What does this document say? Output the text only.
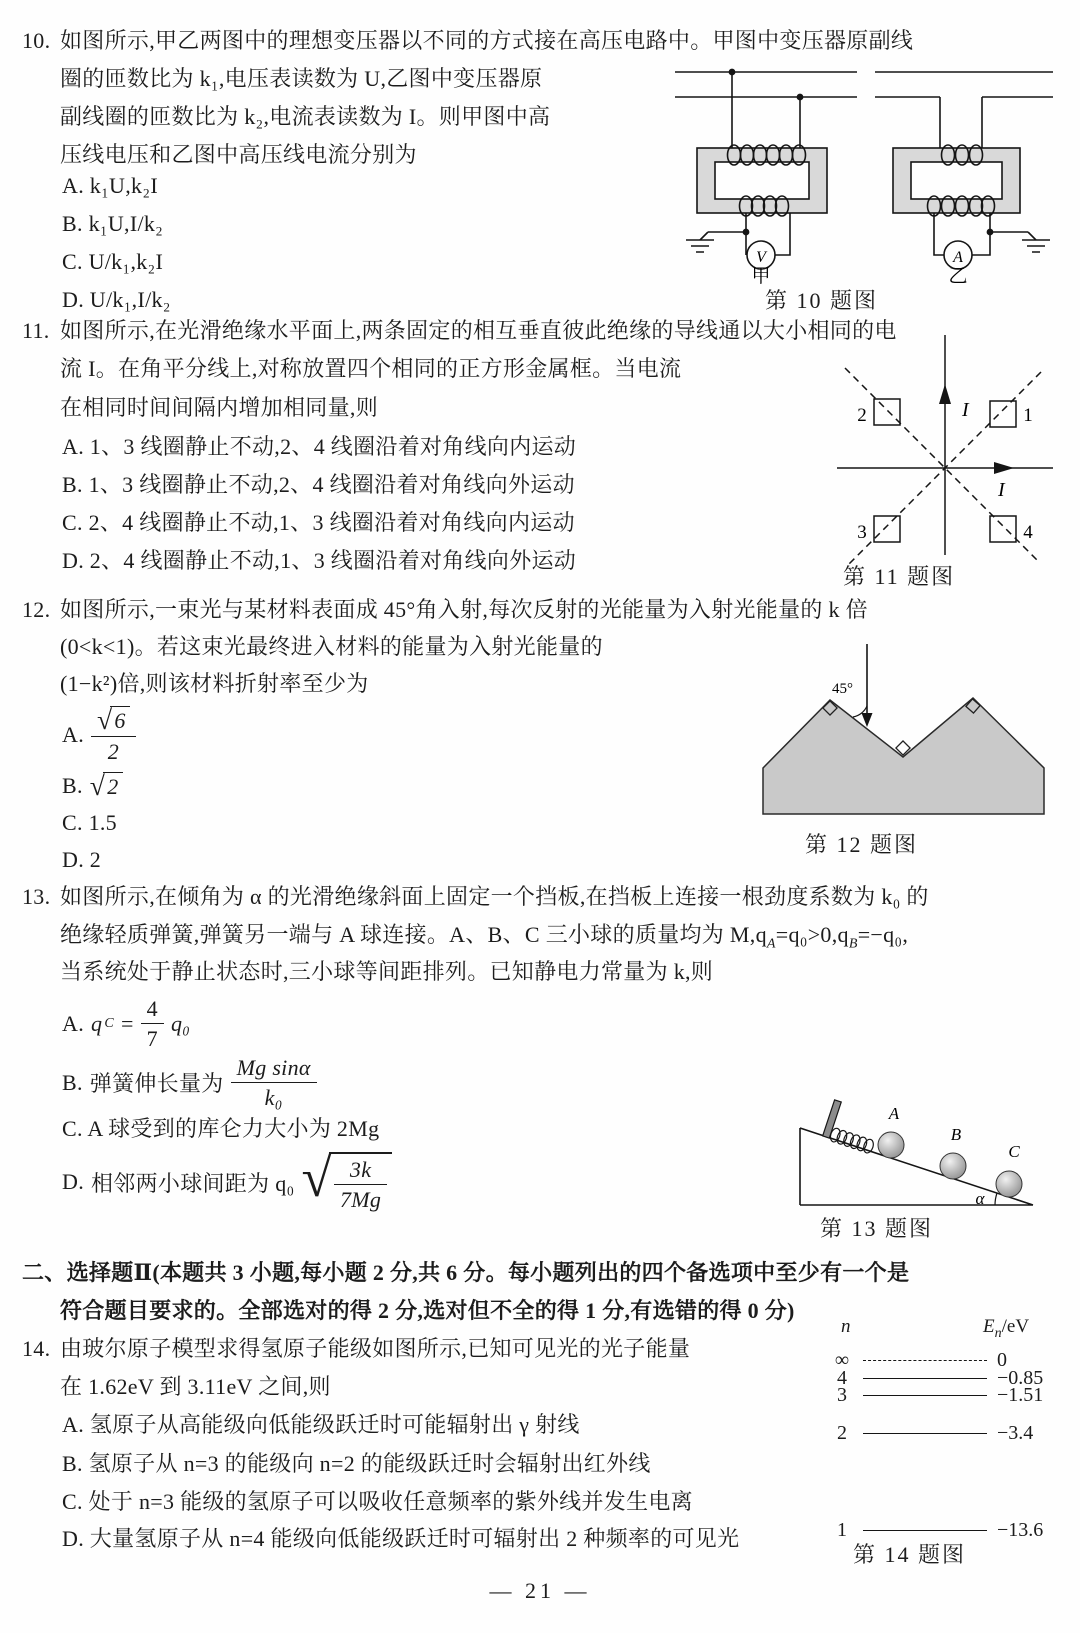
10. 如图所示,甲乙两图中的理想变压器以不同的方式接在高压电路中。甲图中变压器原副线
圈的匝数比为 k₁,电压表读数为 U,乙图中变压器原
副线圈的匝数比为 k₂,电流表读数为 I。则甲图中高
压线电压和乙图中高压线电流分别为
A. k₁U,k₂I
B. k₁U,I/k₂
C. U/k₁,k₂I
D. U/k₁,I/k₂
V	A
甲	乙
第 10 题图
11. 如图所示,在光滑绝缘水平面上,两条固定的相互垂直彼此绝缘的导线通以大小相同的电
流 I。在角平分线上,对称放置四个相同的正方形金属框。当电流
在相同时间间隔内增加相同量,则
A. 1、3 线圈静止不动,2、4 线圈沿着对角线向内运动
B. 1、3 线圈静止不动,2、4 线圈沿着对角线向外运动
C. 2、4 线圈静止不动,1、3 线圈沿着对角线向内运动
D. 2、4 线圈静止不动,1、3 线圈沿着对角线向外运动
I
I
2	1
3	4
第 11 题图
12. 如图所示,一束光与某材料表面成 45°角入射,每次反射的光能量为入射光能量的 k 倍
(0<k<1)。若这束光最终进入材料的能量为入射光能量的
(1−k²)倍,则该材料折射率至少为
A. √ $\frac{6}{2}$
B. √ 2
C. 1.5
D. 2
45°
第 12 题图
13. 如图所示,在倾角为 α 的光滑绝缘斜面上固定一个挡板,在挡板上连接一根劲度系数为 k₀ 的
绝缘轻质弹簧,弹簧另一端与 A 球连接。A、B、C 三小球的质量均为 $M,q_A=q_0>0,q_B=-q_0$,
当系统处于静止状态时,三小球等间距排列。已知静电力常量为 k,则
A. q $C = \frac{4}{7} q_0$
B. 弹簧伸长量为 $\frac{\text{Mg sinα}}{\text{k₀}}$
C. A 球受到的库仑力大小为 2Mg
D. 相邻两小球间距为 q₀ √ $\frac{3k}{7Mg}$
A
B
C
α
第 13 题图
二、选择题Ⅱ(本题共 3 小题,每小题 2 分,共 6 分。每小题列出的四个备选项中至少有一个是
符合题目要求的。全部选对的得 2 分,选对但不全的得 1 分,有选错的得 0 分)
14. 由玻尔原子模型求得氢原子能级如图所示,已知可见光的光子能量
在 1.62eV 到 3.11eV 之间,则
A. 氢原子从高能级向低能级跃迁时可能辐射出 γ 射线
B. 氢原子从 n=3 的能级向 n=2 的能级跃迁时会辐射出红外线
C. 处于 n=3 能级的氢原子可以吸收任意频率的紫外线并发生电离
D. 大量氢原子从 n=4 能级向低能级跃迁时可辐射出 2 种频率的可见光
n	$E_n/eV$
∞	0
4	−0.85
3	−1.51
2	−3.4
1	−13.6
第 14 题图
— 21 —
